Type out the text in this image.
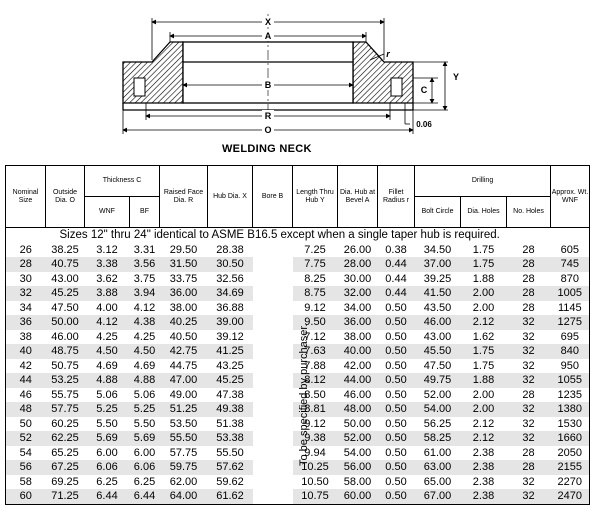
X
A
B
R
O
Y
C
r
0.06
WELDING NECK
Nominal Size	Outside Dia. O	Thickness C		Raised Face Dia. R	Hub Dia. X	Bore B	Length Thru Hub Y	Dia. Hub at Bevel A	Fillet Radius r	Drilling			Approx. Wt. WNF
		WNF	BF							Bolt Circle	Dia. Holes	No. Holes	
	Sizes 12" thru 24" identical to ASME B16.5 except when a single taper hub is required.												
26	38.25	3.12	3.31	29.50	28.38		7.25	26.00	0.38	34.50	1.75	28	605
28	40.75	3.38	3.56	31.50	30.50		7.75	28.00	0.44	37.00	1.75	28	745
30	43.00	3.62	3.75	33.75	32.56		8.25	30.00	0.44	39.25	1.88	28	870
32	45.25	3.88	3.94	36.00	34.69		8.75	32.00	0.44	41.50	2.00	28	1005
34	47.50	4.00	4.12	38.00	36.88		9.12	34.00	0.50	43.50	2.00	28	1145
36	50.00	4.12	4.38	40.25	39.00		9.50	36.00	0.50	46.00	2.12	32	1275
38	46.00	4.25	4.25	40.50	39.12		7.12	38.00	0.50	43.00	1.62	32	695
40	48.75	4.50	4.50	42.75	41.25		7.63	40.00	0.50	45.50	1.75	32	840
42	50.75	4.69	4.69	44.75	43.25		7.88	42.00	0.50	47.50	1.75	32	950
44	53.25	4.88	4.88	47.00	45.25		8.12	44.00	0.50	49.75	1.88	32	1055
46	55.75	5.06	5.06	49.00	47.38		8.50	46.00	0.50	52.00	2.00	28	1235
48	57.75	5.25	5.25	51.25	49.38		8.81	48.00	0.50	54.00	2.00	32	1380
50	60.25	5.50	5.50	53.50	51.38		9.12	50.00	0.50	56.25	2.12	32	1530
52	62.25	5.69	5.69	55.50	53.38		9.38	52.00	0.50	58.25	2.12	32	1660
54	65.25	6.00	6.00	57.75	55.50		9.94	54.00	0.50	61.00	2.38	28	2050
56	67.25	6.06	6.06	59.75	57.62		10.25	56.00	0.50	63.00	2.38	28	2155
58	69.25	6.25	6.25	62.00	59.62		10.50	58.00	0.50	65.00	2.38	32	2270
60	71.25	6.44	6.44	64.00	61.62		10.75	60.00	0.50	67.00	2.38	32	2470
To be specified by purchaser.
